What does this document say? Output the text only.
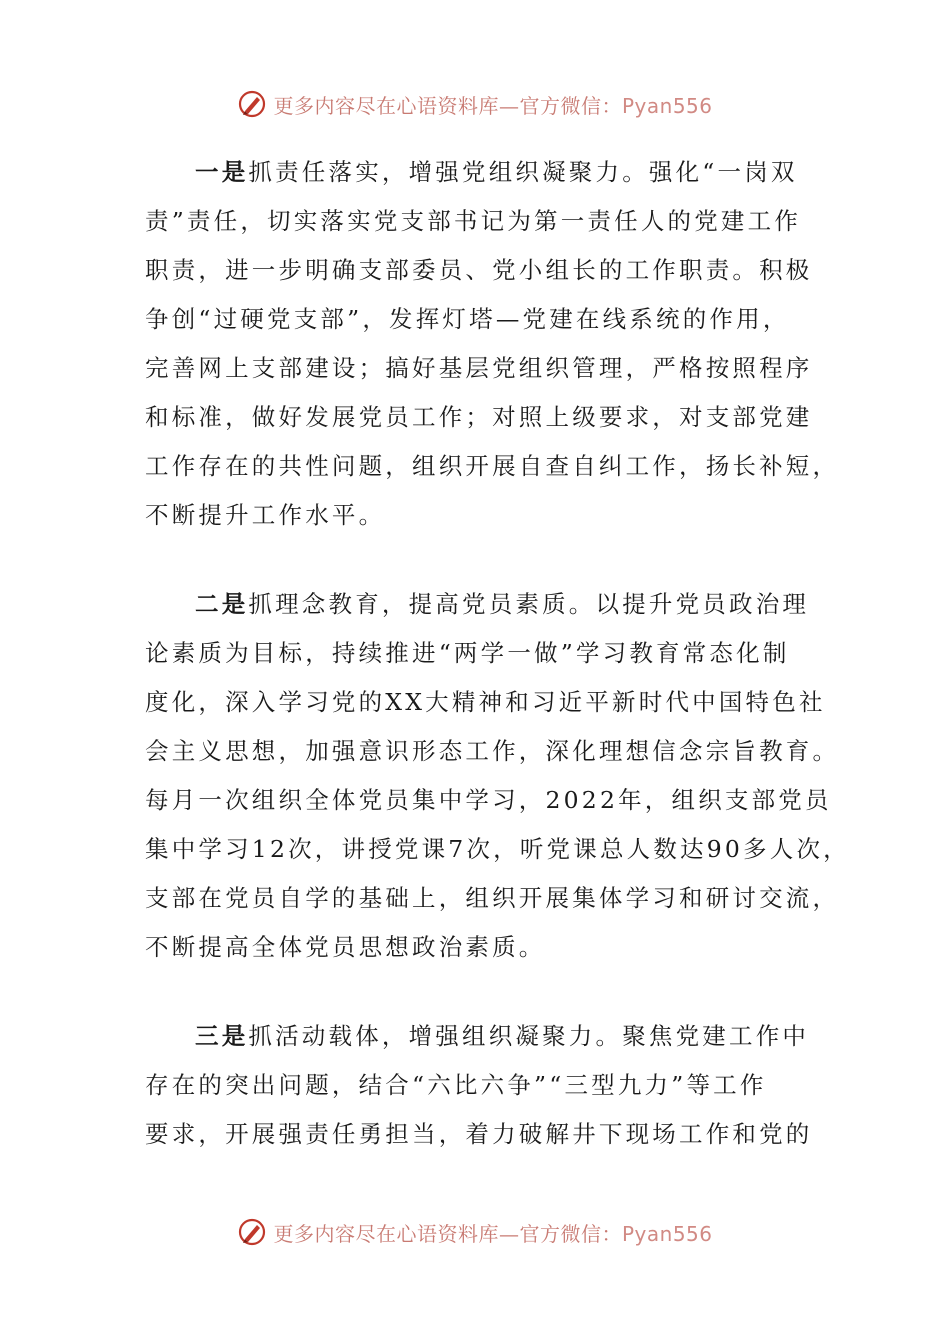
更多内容尽在心语资料库—官方微信：Pyan556
一是抓责任落实，增强党组织凝聚力。强化“一岗双
责”责任，切实落实党支部书记为第一责任人的党建工作
职责，进一步明确支部委员、党小组长的工作职责。积极
争创“过硬党支部”，发挥灯塔—党建在线系统的作用，
完善网上支部建设；搞好基层党组织管理，严格按照程序
和标准，做好发展党员工作；对照上级要求，对支部党建
工作存在的共性问题，组织开展自查自纠工作，扬长补短，
不断提升工作水平。
二是抓理念教育，提高党员素质。以提升党员政治理
论素质为目标，持续推进“两学一做”学习教育常态化制
度化，深入学习党的XX大精神和习近平新时代中国特色社
会主义思想，加强意识形态工作，深化理想信念宗旨教育。
每月一次组织全体党员集中学习，2022年，组织支部党员
集中学习12次，讲授党课7次，听党课总人数达90多人次，
支部在党员自学的基础上，组织开展集体学习和研讨交流，
不断提高全体党员思想政治素质。
三是抓活动载体，增强组织凝聚力。聚焦党建工作中
存在的突出问题，结合“六比六争”“三型九力”等工作
要求，开展强责任勇担当，着力破解井下现场工作和党的
更多内容尽在心语资料库—官方微信：Pyan556
